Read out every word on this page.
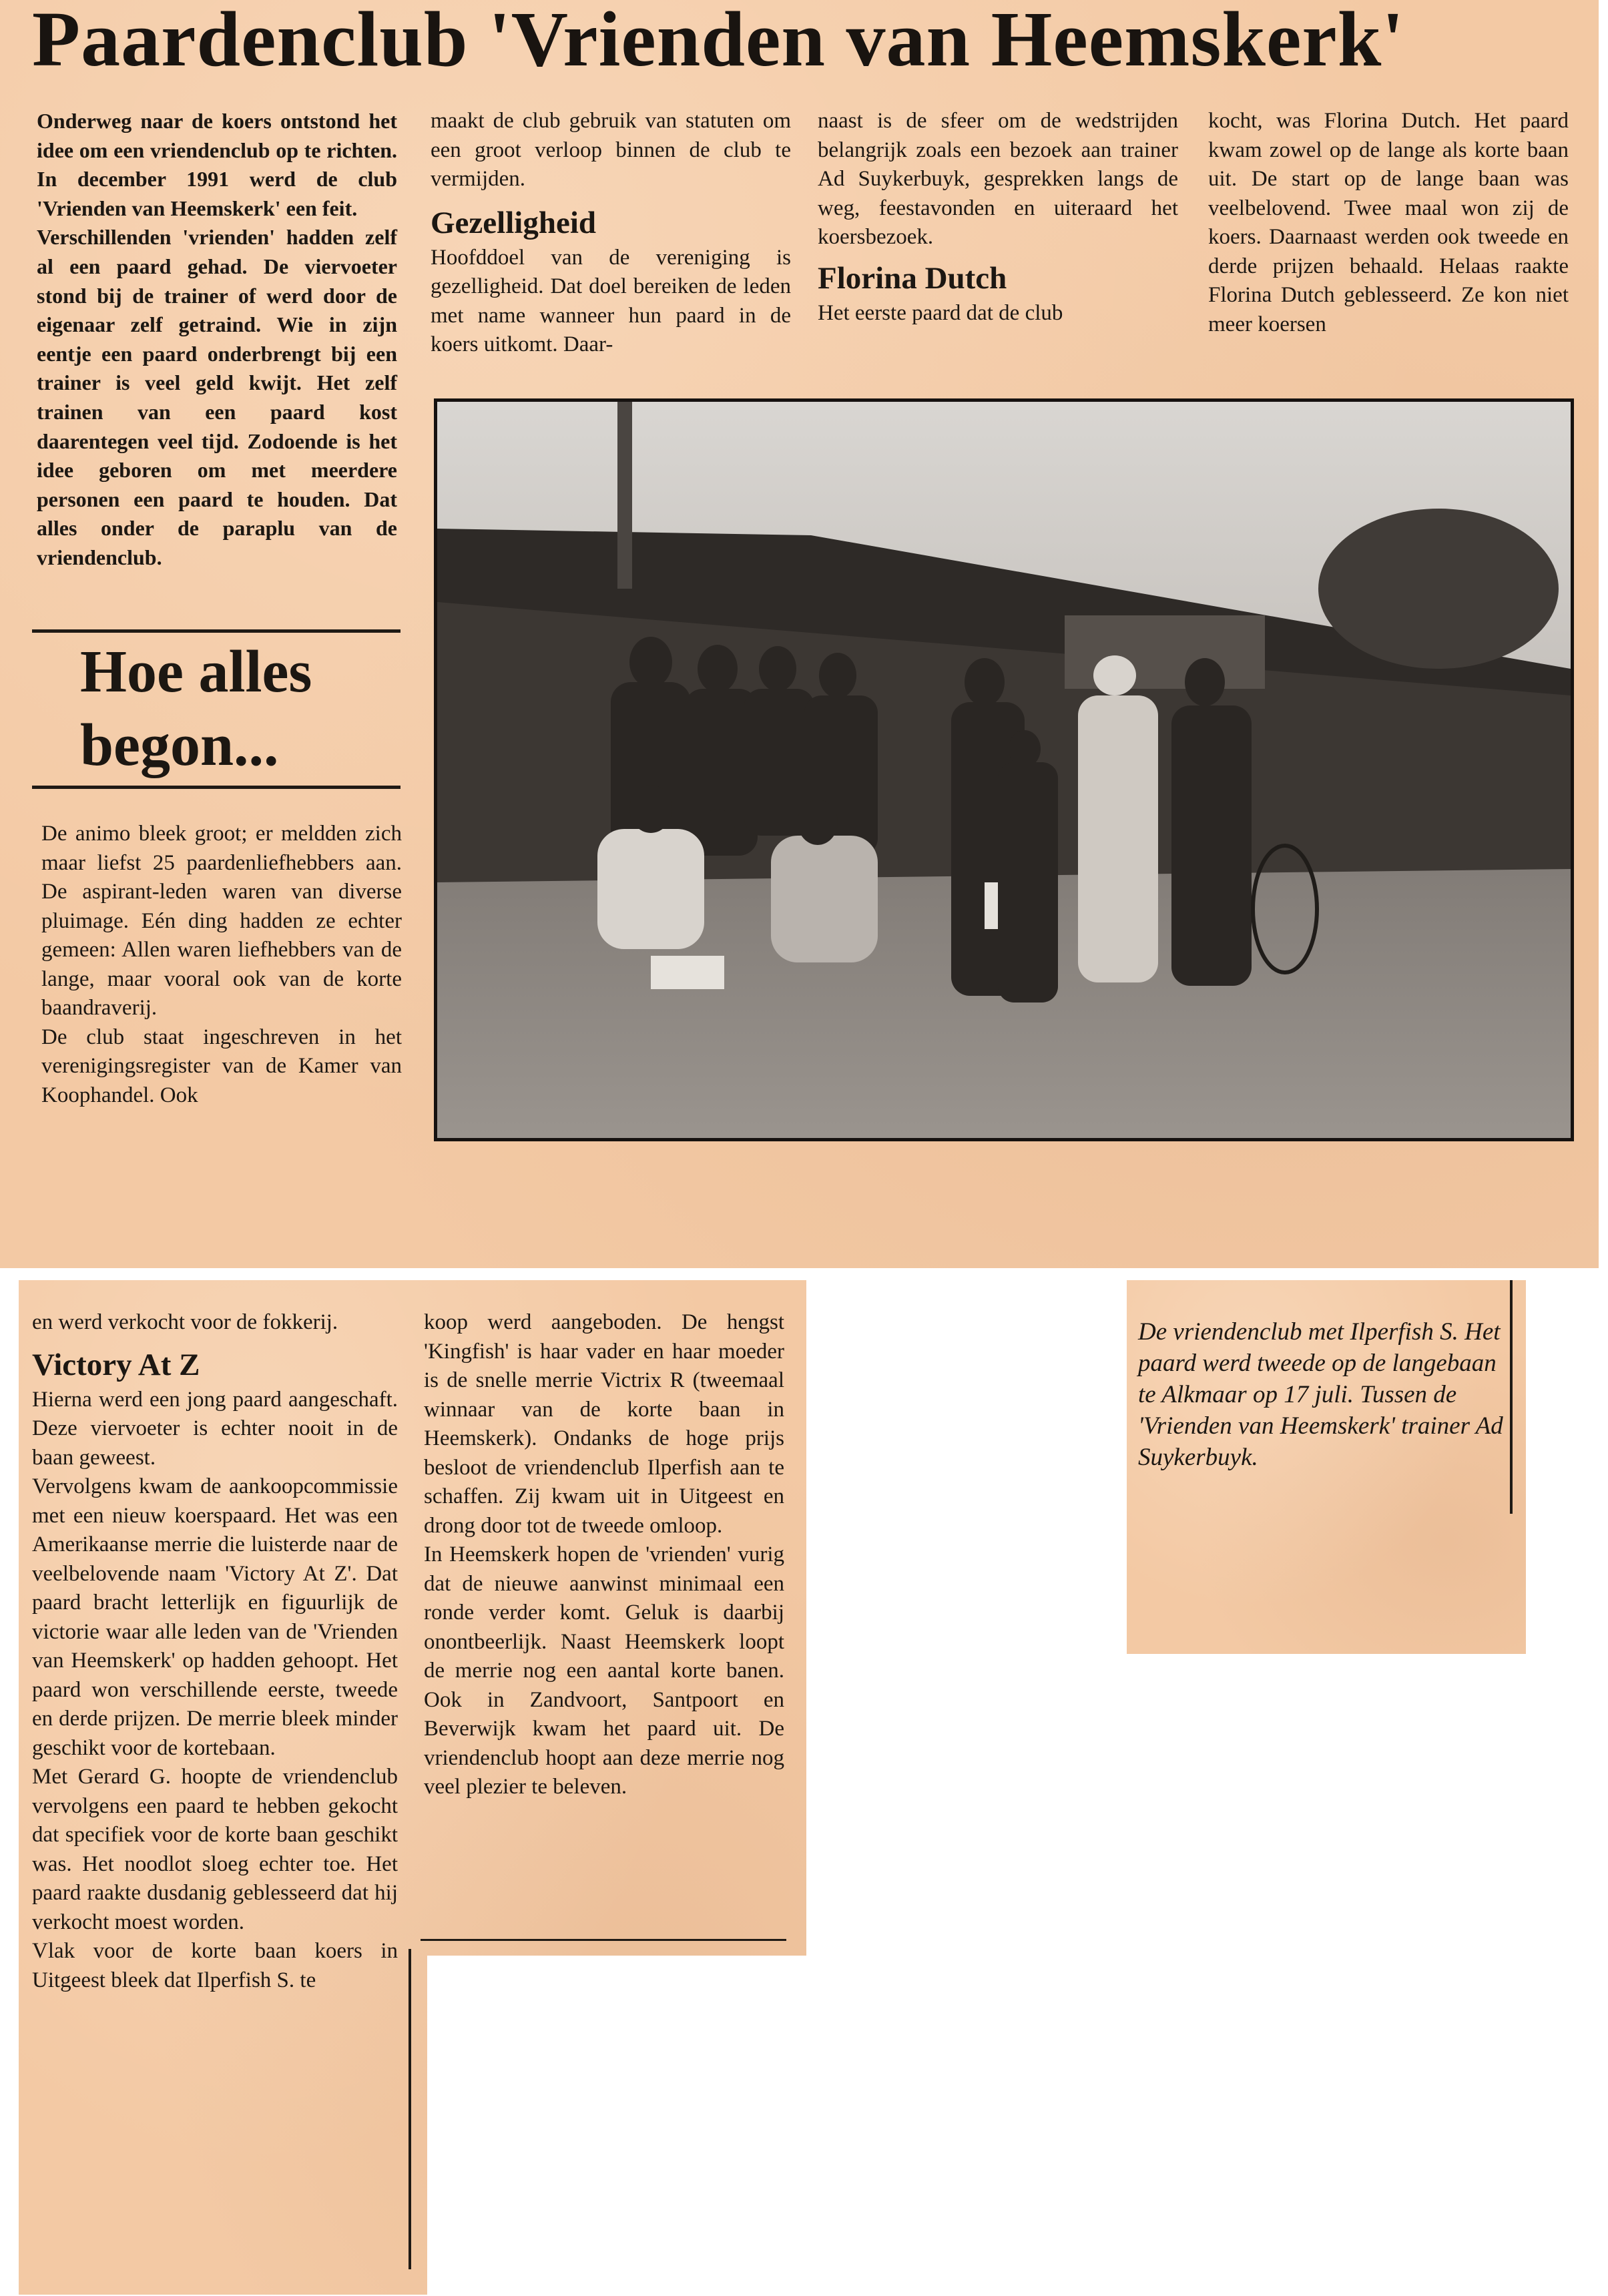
Paardenclub 'Vrienden van Heemskerk'

Onderweg naar de koers ontstond het idee om een vriendenclub op te richten. In december 1991 werd de club 'Vrienden van Heemskerk' een feit.

Verschillenden 'vrienden' hadden zelf al een paard gehad. De viervoeter stond bij de trainer of werd door de eigenaar zelf getraind. Wie in zijn eentje een paard onderbrengt bij een trainer is veel geld kwijt. Het zelf trainen van een paard kost daarentegen veel tijd. Zodoende is het idee geboren om met meerdere personen een paard te houden. Dat alles onder de paraplu van de vriendenclub.

Hoe alles begon...

De animo bleek groot; er meldden zich maar liefst 25 paardenliefhebbers aan. De aspirant-leden waren van diverse pluimage. Eén ding hadden ze echter gemeen: Allen waren liefhebbers van de lange, maar vooral ook van de korte baandraverij.

De club staat ingeschreven in het verenigingsregister van de Kamer van Koophandel. Ook

maakt de club gebruik van statuten om een groot verloop binnen de club te vermijden.

Gezelligheid

Hoofddoel van de vereniging is gezelligheid. Dat doel bereiken de leden met name wanneer hun paard in de koers uitkomt. Daar-

naast is de sfeer om de wedstrijden belangrijk zoals een bezoek aan trainer Ad Suykerbuyk, gesprekken langs de weg, feestavonden en uiteraard het koersbezoek.

Florina Dutch

Het eerste paard dat de club

kocht, was Florina Dutch. Het paard kwam zowel op de lange als korte baan uit. De start op de lange baan was veelbelovend. Twee maal won zij de koers. Daarnaast werden ook tweede en derde prijzen behaald. Helaas raakte Florina Dutch geblesseerd. Ze kon niet meer koersen

en werd verkocht voor de fokkerij.

Victory At Z

Hierna werd een jong paard aangeschaft. Deze viervoeter is echter nooit in de baan geweest.

Vervolgens kwam de aankoopcommissie met een nieuw koerspaard. Het was een Amerikaanse merrie die luisterde naar de veelbelovende naam 'Victory At Z'. Dat paard bracht letterlijk en figuurlijk de victorie waar alle leden van de 'Vrienden van Heemskerk' op hadden gehoopt. Het paard won verschillende eerste, tweede en derde prijzen. De merrie bleek minder geschikt voor de kortebaan.

Met Gerard G. hoopte de vriendenclub vervolgens een paard te hebben gekocht dat specifiek voor de korte baan geschikt was. Het noodlot sloeg echter toe. Het paard raakte dusdanig geblesseerd dat hij verkocht moest worden.

Vlak voor de korte baan koers in Uitgeest bleek dat Ilperfish S. te

koop werd aangeboden. De hengst 'Kingfish' is haar vader en haar moeder is de snelle merrie Victrix R (tweemaal winnaar van de korte baan in Heemskerk). Ondanks de hoge prijs besloot de vriendenclub Ilperfish aan te schaffen. Zij kwam uit in Uitgeest en drong door tot de tweede omloop.

In Heemskerk hopen de 'vrienden' vurig dat de nieuwe aanwinst minimaal een ronde verder komt. Geluk is daarbij onontbeerlijk. Naast Heemskerk loopt de merrie nog een aantal korte banen. Ook in Zandvoort, Santpoort en Beverwijk kwam het paard uit. De vriendenclub hoopt aan deze merrie nog veel plezier te beleven.

De vriendenclub met Ilperfish S. Het paard werd tweede op de langebaan te Alkmaar op 17 juli. Tussen de 'Vrienden van Heemskerk' trainer Ad Suykerbuyk.
